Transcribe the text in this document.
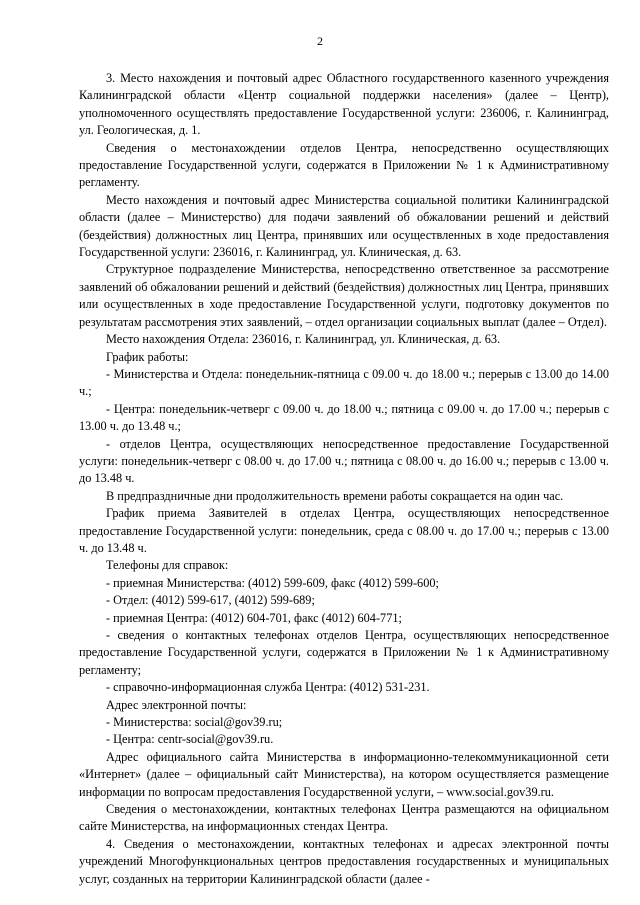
2

3. Место нахождения и почтовый адрес Областного государственного казенного учреждения Калининградской области «Центр социальной поддержки населения» (далее – Центр), уполномоченного осуществлять предоставление Государственной услуги: 236006, г. Калининград, ул. Геологическая, д. 1.

Сведения о местонахождении отделов Центра, непосредственно осуществляющих предоставление Государственной услуги, содержатся в Приложении № 1 к Административному регламенту.

Место нахождения и почтовый адрес Министерства социальной политики Калининградской области (далее – Министерство) для подачи заявлений об обжаловании решений и действий (бездействия) должностных лиц Центра, принявших или осуществленных в ходе предоставления Государственной услуги: 236016, г. Калининград, ул. Клиническая, д. 63.

Структурное подразделение Министерства, непосредственно ответственное за рассмотрение заявлений об обжаловании решений и действий (бездействия) должностных лиц Центра, принявших или осуществленных в ходе предоставление Государственной услуги, подготовку документов по результатам рассмотрения этих заявлений, – отдел организации социальных выплат (далее – Отдел).

Место нахождения Отдела: 236016, г. Калининград, ул. Клиническая, д. 63.

График работы:

- Министерства и Отдела: понедельник-пятница с 09.00 ч. до 18.00 ч.; перерыв с 13.00 до 14.00 ч.;

- Центра: понедельник-четверг с 09.00 ч. до 18.00 ч.; пятница с 09.00 ч. до 17.00 ч.; перерыв с 13.00 ч. до 13.48 ч.;

- отделов Центра, осуществляющих непосредственное предоставление Государственной услуги: понедельник-четверг с 08.00 ч. до 17.00 ч.; пятница с 08.00 ч. до 16.00 ч.; перерыв с 13.00 ч. до 13.48 ч.

В предпраздничные дни продолжительность времени работы сокращается на один час.

График приема Заявителей в отделах Центра, осуществляющих непосредственное предоставление Государственной услуги: понедельник, среда с 08.00 ч. до 17.00 ч.; перерыв с 13.00 ч. до 13.48 ч.

Телефоны для справок:

- приемная Министерства: (4012) 599-609, факс (4012) 599-600;

- Отдел: (4012) 599-617, (4012) 599-689;

- приемная Центра: (4012) 604-701, факс (4012) 604-771;

- сведения о контактных телефонах отделов Центра, осуществляющих непосредственное предоставление Государственной услуги, содержатся в Приложении № 1 к Административному регламенту;

- справочно-информационная служба Центра: (4012) 531-231.

Адрес электронной почты:

- Министерства: social@gov39.ru;

- Центра: centr-social@gov39.ru.

Адрес официального сайта Министерства в информационно-телекоммуникационной сети «Интернет» (далее – официальный сайт Министерства), на котором осуществляется размещение информации по вопросам предоставления Государственной услуги, – www.social.gov39.ru.

Сведения о местонахождении, контактных телефонах Центра размещаются на официальном сайте Министерства, на информационных стендах Центра.

4. Сведения о местонахождении, контактных телефонах и адресах электронной почты учреждений Многофункциональных центров предоставления государственных и муниципальных услуг, созданных на территории Калининградской области (далее -
